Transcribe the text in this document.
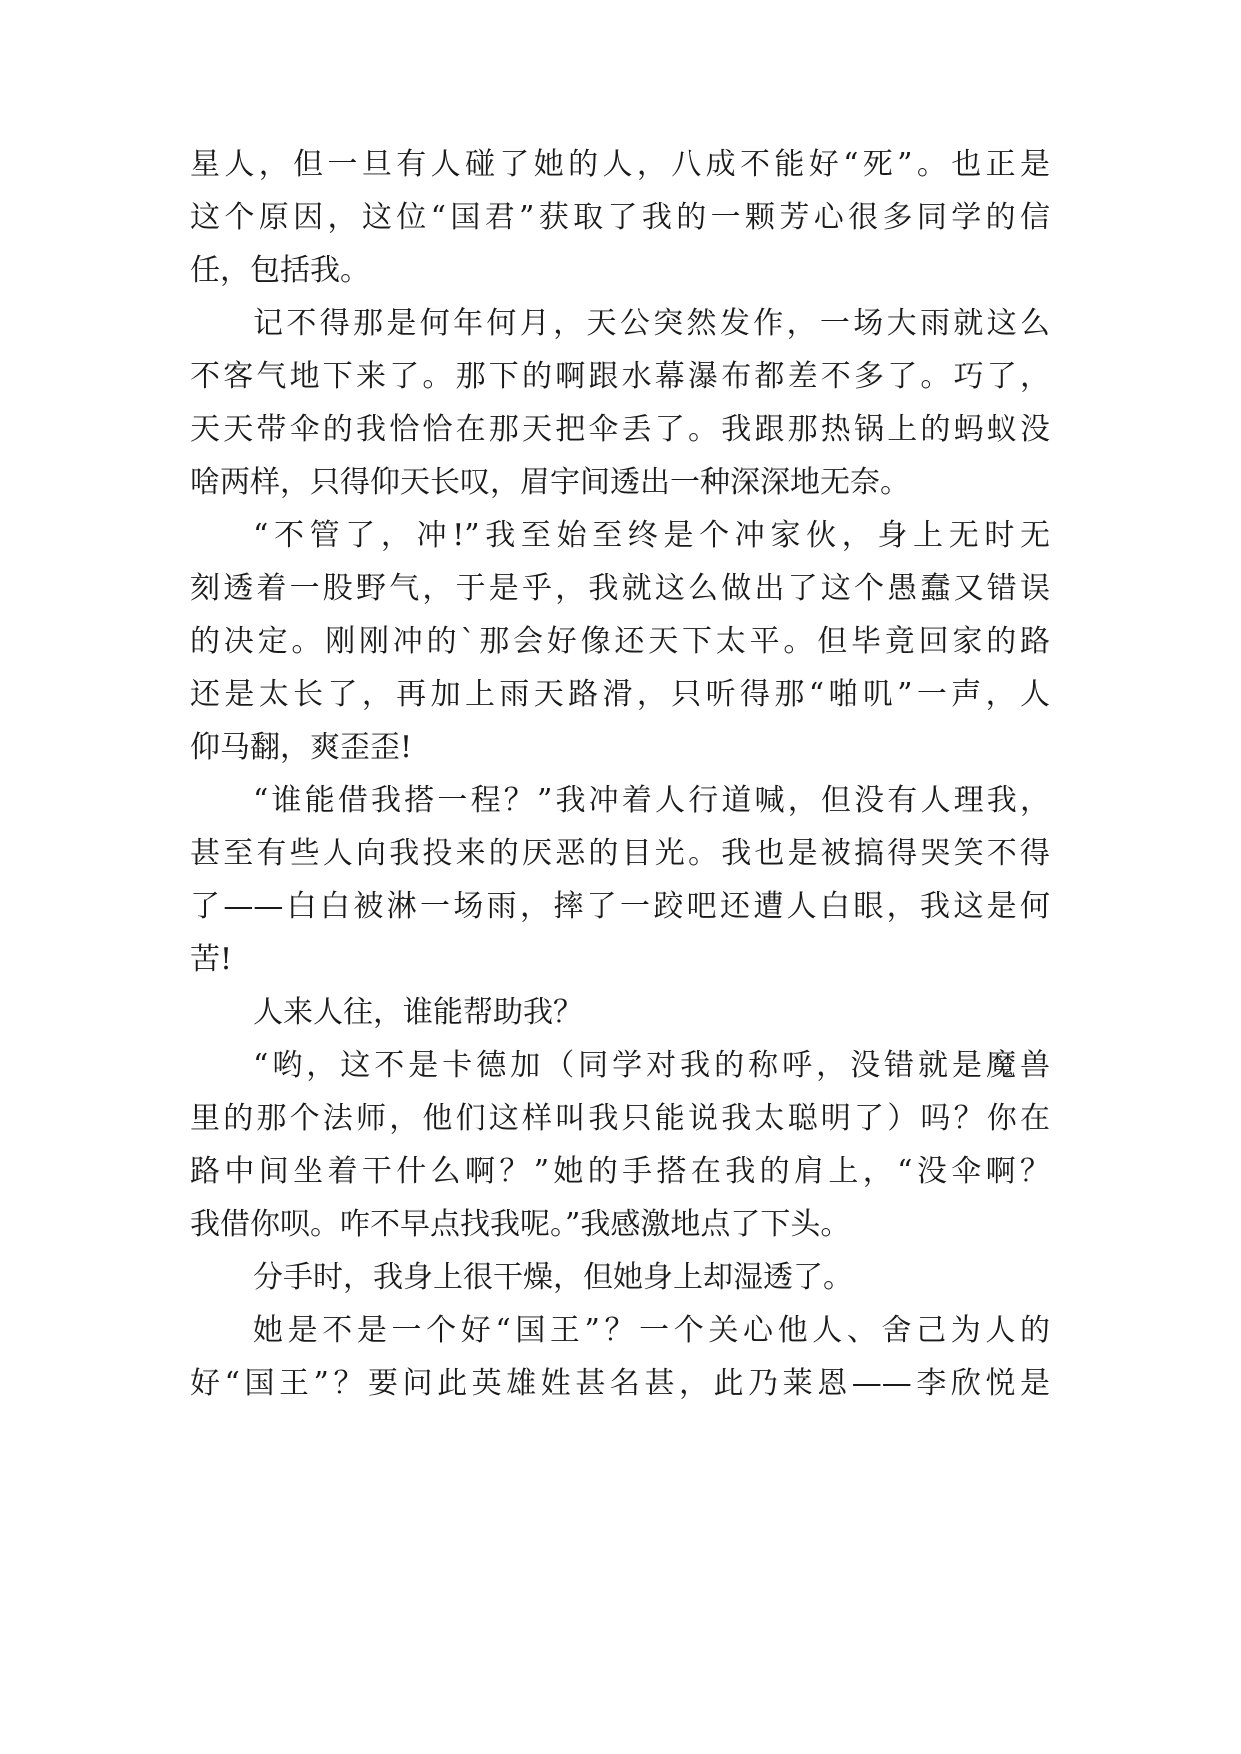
星人，但一旦有人碰了她的人，八成不能好“死”。也正是
这个原因，这位“国君”获取了我的一颗芳心很多同学的信
任，包括我。
记不得那是何年何月，天公突然发作，一场大雨就这么
不客气地下来了。那下的啊跟水幕瀑布都差不多了。巧了，
天天带伞的我恰恰在那天把伞丢了。我跟那热锅上的蚂蚁没
啥两样，只得仰天长叹，眉宇间透出一种深深地无奈。
“不管了，冲!”我至始至终是个冲家伙，身上无时无
刻透着一股野气，于是乎，我就这么做出了这个愚蠢又错误
的决定。刚刚冲的`那会好像还天下太平。但毕竟回家的路
还是太长了，再加上雨天路滑，只听得那“啪叽”一声，人
仰马翻，爽歪歪!
“谁能借我搭一程？”我冲着人行道喊，但没有人理我，
甚至有些人向我投来的厌恶的目光。我也是被搞得哭笑不得
了——白白被淋一场雨，摔了一跤吧还遭人白眼，我这是何
苦!
人来人往，谁能帮助我？
“哟，这不是卡德加（同学对我的称呼，没错就是魔兽
里的那个法师，他们这样叫我只能说我太聪明了）吗？你在
路中间坐着干什么啊？”她的手搭在我的肩上，“没伞啊？
我借你呗。咋不早点找我呢。”我感激地点了下头。
分手时，我身上很干燥，但她身上却湿透了。
她是不是一个好“国王”？一个关心他人、舍己为人的
好“国王”？要问此英雄姓甚名甚，此乃莱恩——李欣悦是
